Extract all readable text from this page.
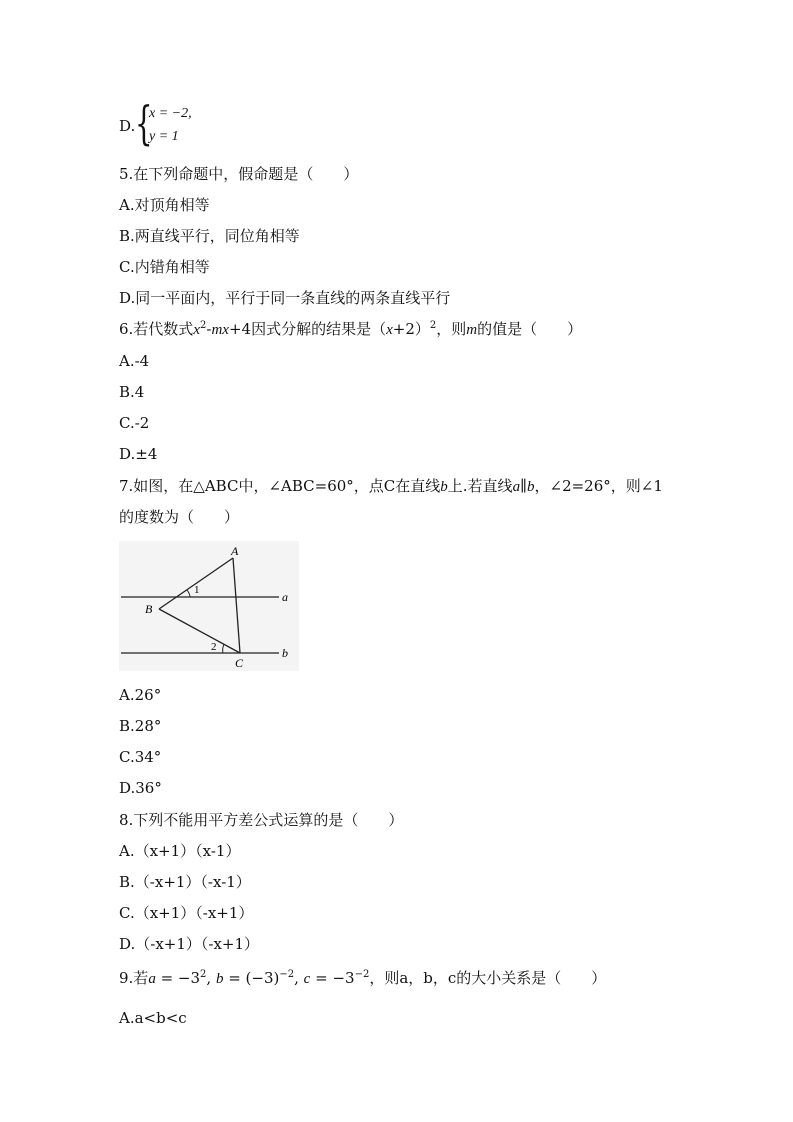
D. {
x = −2,
y = 1
5.在下列命题中，假命题是（　　）
A.对顶角相等
B.两直线平行，同位角相等
C.内错角相等
D.同一平面内，平行于同一条直线的两条直线平行
6.若代数式$x^2-mx+4$因式分解的结果是$(x+2)^2$，则m的值是（　　）
A.-4
B.4
C.-2
D.±4
7.如图，在△ABC中，∠ABC=60°，点C在直线b上.若直线a∥b，∠2=26°，则∠1
的度数为（　　）
A
B
C
a
b
1
2
A.26°
B.28°
C.34°
D.36°
8.下列不能用平方差公式运算的是（　　）
A.（x+1）（x-1）
B.（-x+1）（-x-1）
C.（x+1）（-x+1）
D.（-x+1）（-x+1）
9.若$a = -3^2$, $b = (-3)^{-2}$, $c = -3^{-2}$，则a，b，c的大小关系是（　　）
A.a<b<c
